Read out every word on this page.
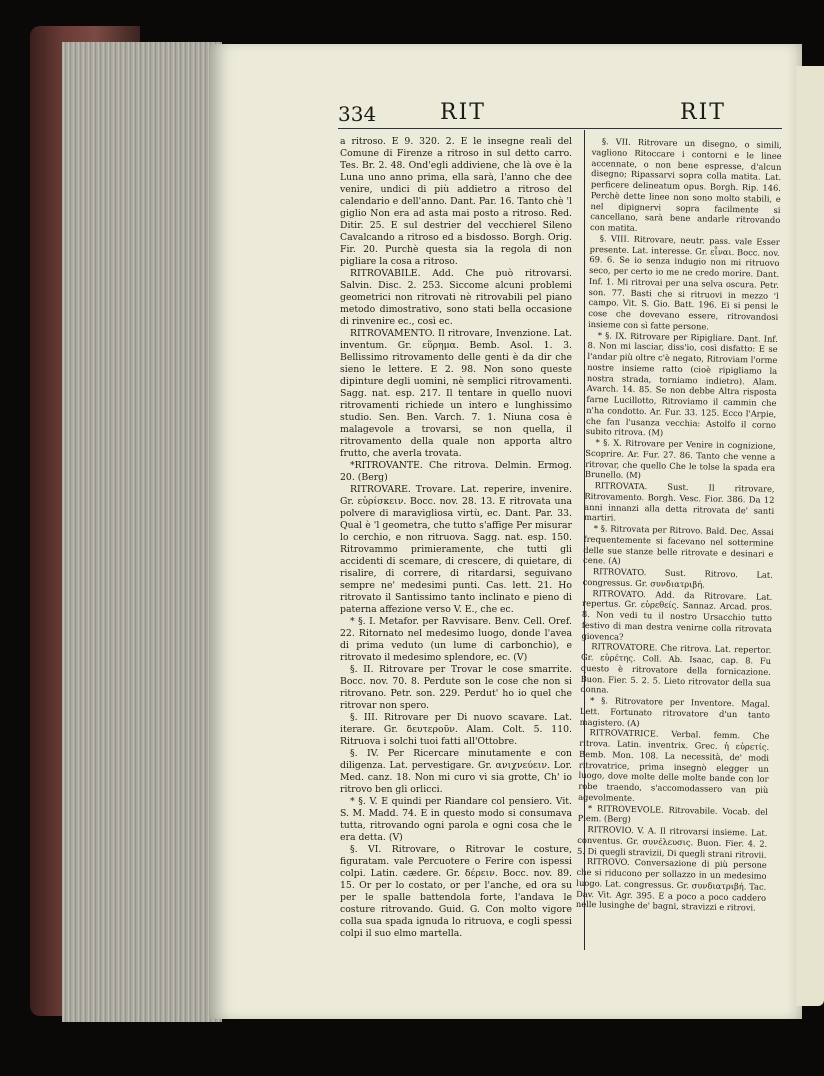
334	RIT	RIT

a ritroso. E 9. 320. 2. E le insegne reali del Comune di Firenze a ritroso in sul detto carro. Tes. Br. 2. 48. Ond'egli addiviene, che là ove è la Luna uno anno prima, ella sarà, l'anno che dee venire, undici di più addietro a ritroso del calendario e dell'anno. Dant. Par. 16. Tanto chè 'l giglio Non era ad asta mai posto a ritroso. Red. Ditir. 25. E sul destrier del vecchierel Sileno Cavalcando a ritroso ed a bisdosso. Borgh. Orig. Fir. 20. Purchè questa sia la regola di non pigliare la cosa a ritroso.

RITROVABILE. Add. Che può ritrovarsi. Salvin. Disc. 2. 253. Siccome alcuni problemi geometrici non ritrovati nè ritrovabili pel piano metodo dimostrativo, sono stati bella occasione di rinvenire ec., così ec.

RITROVAMENTO. Il ritrovare, Invenzione. Lat. inventum. Gr. εὕρημα. Bemb. Asol. 1. 3. Bellissimo ritrovamento delle genti è da dir che sieno le lettere. E 2. 98. Non sono queste dipinture degli uomini, nè semplici ritrovamenti. Sagg. nat. esp. 217. Il tentare in quello nuovi ritrovamenti richiede un intero e lunghissimo studio. Sen. Ben. Varch. 7. 1. Niuna cosa è malagevole a trovarsi, se non quella, il ritrovamento della quale non apporta altro frutto, che averla trovata.

*RITROVANTE. Che ritrova. Delmin. Ermog. 20. (Berg)

RITROVARE. Trovare. Lat. reperire, invenire. Gr. εὑρίσκειν. Bocc. nov. 28. 13. E ritrovata una polvere di maravigliosa virtù, ec. Dant. Par. 33. Qual è 'l geometra, che tutto s'affige Per misurar lo cerchio, e non ritruova. Sagg. nat. esp. 150. Ritrovammo primieramente, che tutti gli accidenti di scemare, di crescere, di quietare, di risalire, di correre, di ritardarsi, seguivano sempre ne' medesimi punti. Cas. lett. 21. Ho ritrovato il Santissimo tanto inclinato e pieno di paterna affezione verso V. E., che ec.

* §. I. Metafor. per Ravvisare. Benv. Cell. Oref. 22. Ritornato nel medesimo luogo, donde l'avea di prima veduto (un lume di carbonchio), e ritrovato il medesimo splendore, ec. (V)

§. II. Ritrovare per Trovar le cose smarrite. Bocc. nov. 70. 8. Perdute son le cose che non si ritrovano. Petr. son. 229. Perdut' ho io quel che ritrovar non spero.

§. III. Ritrovare per Di nuovo scavare. Lat. iterare. Gr. δευτεροῦν. Alam. Colt. 5. 110. Ritruova i solchi tuoi fatti all'Ottobre.

§. IV. Per Ricercare minutamente e con diligenza. Lat. pervestigare. Gr. ανιχνεύειν. Lor. Med. canz. 18. Non mi curo vi sia grotte, Ch' io ritrovo ben gli orlicci.

* §. V. E quindi per Riandare col pensiero. Vit. S. M. Madd. 74. E in questo modo si consumava tutta, ritrovando ogni parola e ogni cosa che le era detta. (V)

§. VI. Ritrovare, o Ritrovar le costure, figuratam. vale Percuotere o Ferire con ispessi colpi. Latin. cædere. Gr. δέρειν. Bocc. nov. 89. 15. Or per lo costato, or per l'anche, ed ora su per le spalle battendola forte, l'andava le costure ritrovando. Guid. G. Con molto vigore colla sua spada ignuda lo ritruova, e cogli spessi colpi il suo elmo martella.

§. VII. Ritrovare un disegno, o simili, vagliono Ritoccare i contorni e le linee accennate, o non bene espresse, d'alcun disegno; Ripassarvi sopra colla matita. Lat. perficere delineatum opus. Borgh. Rip. 146. Perchè dette linee non sono molto stabili, e nel dipignervi sopra facilmente si cancellano, sarà bene andarle ritrovando con matita.

§. VIII. Ritrovare, neutr. pass. vale Esser presente. Lat. interesse. Gr. εἶναι. Bocc. nov. 69. 6. Se io senza indugio non mi ritruovo seco, per certo io me ne credo morire. Dant. Inf. 1. Mi ritrovai per una selva oscura. Petr. son. 77. Basti che si ritruovi in mezzo 'l campo. Vit. S. Gio. Batt. 196. Ei si pensi le cose che dovevano essere, ritrovandosi insieme con sì fatte persone.

* §. IX. Ritrovare per Ripigliare. Dant. Inf. 8. Non mi lasciar, diss'io, così disfatto: E se l'andar più oltre c'è negato, Ritroviam l'orme nostre insieme ratto (cioè ripigliamo la nostra strada, torniamo indietro). Alam. Avarch. 14. 85. Se non debbe Altra risposta farne Lucillotto, Ritroviamo il cammin che n'ha condotto. Ar. Fur. 33. 125. Ecco l'Arpie, che fan l'usanza vecchia: Astolfo il corno subito ritrova. (M)

* §. X. Ritrovare per Venire in cognizione, Scoprire. Ar. Fur. 27. 86. Tanto che venne a ritrovar, che quello Che le tolse la spada era Brunello. (M)

RITROVATA. Sust. Il ritrovare, Ritrovamento. Borgh. Vesc. Fior. 386. Da 12 anni innanzi alla detta ritrovata de' santi martiri.

* §. Ritrovata per Ritrovo. Bald. Dec. Assai frequentemente si facevano nel sottermine delle sue stanze belle ritrovate e desinari e cene. (A)

RITROVATO. Sust. Ritrovo. Lat. congressus. Gr. συνδιατριβή.

RITROVATO. Add. da Ritrovare. Lat. repertus. Gr. εὑρεθείς. Sannaz. Arcad. pros. 8. Non vedi tu il nostro Ursacchio tutto festivo di man destra venirne colla ritrovata giovenca?

RITROVATORE. Che ritrova. Lat. repertor. Gr. εὑρέτης. Coll. Ab. Isaac, cap. 8. Fu questo è ritrovatore della fornicazione. Buon. Fier. 5. 2. 5. Lieto ritrovator della sua donna.

* §. Ritrovatore per Inventore. Magal. Lett. Fortunato ritrovatore d'un tanto magistero. (A)

RITROVATRICE. Verbal. femm. Che ritrova. Latin. inventrix. Grec. ἡ εὑρετίς. Bemb. Mon. 108. La necessità, de' modi ritrovatrice, prima insegnò elegger un luogo, dove molte delle molte bande con lor robe traendo, s'accomodassero van più agevolmente.

* RITROVEVOLE. Ritrovabile. Vocab. del Piem. (Berg)

RITROVIO. V. A. Il ritrovarsi insieme. Lat. conventus. Gr. συνέλευσις. Buon. Fier. 4. 2. 5. Di quegli stravizii, Di quegli strani ritrovii.

RITROVO. Conversazione di più persone che si riducono per sollazzo in un medesimo luogo. Lat. congressus. Gr. συνδιατριβή. Tac. Dav. Vit. Agr. 395. E a poco a poco caddero nelle lusinghe de' bagni, stravizzi e ritrovi.
